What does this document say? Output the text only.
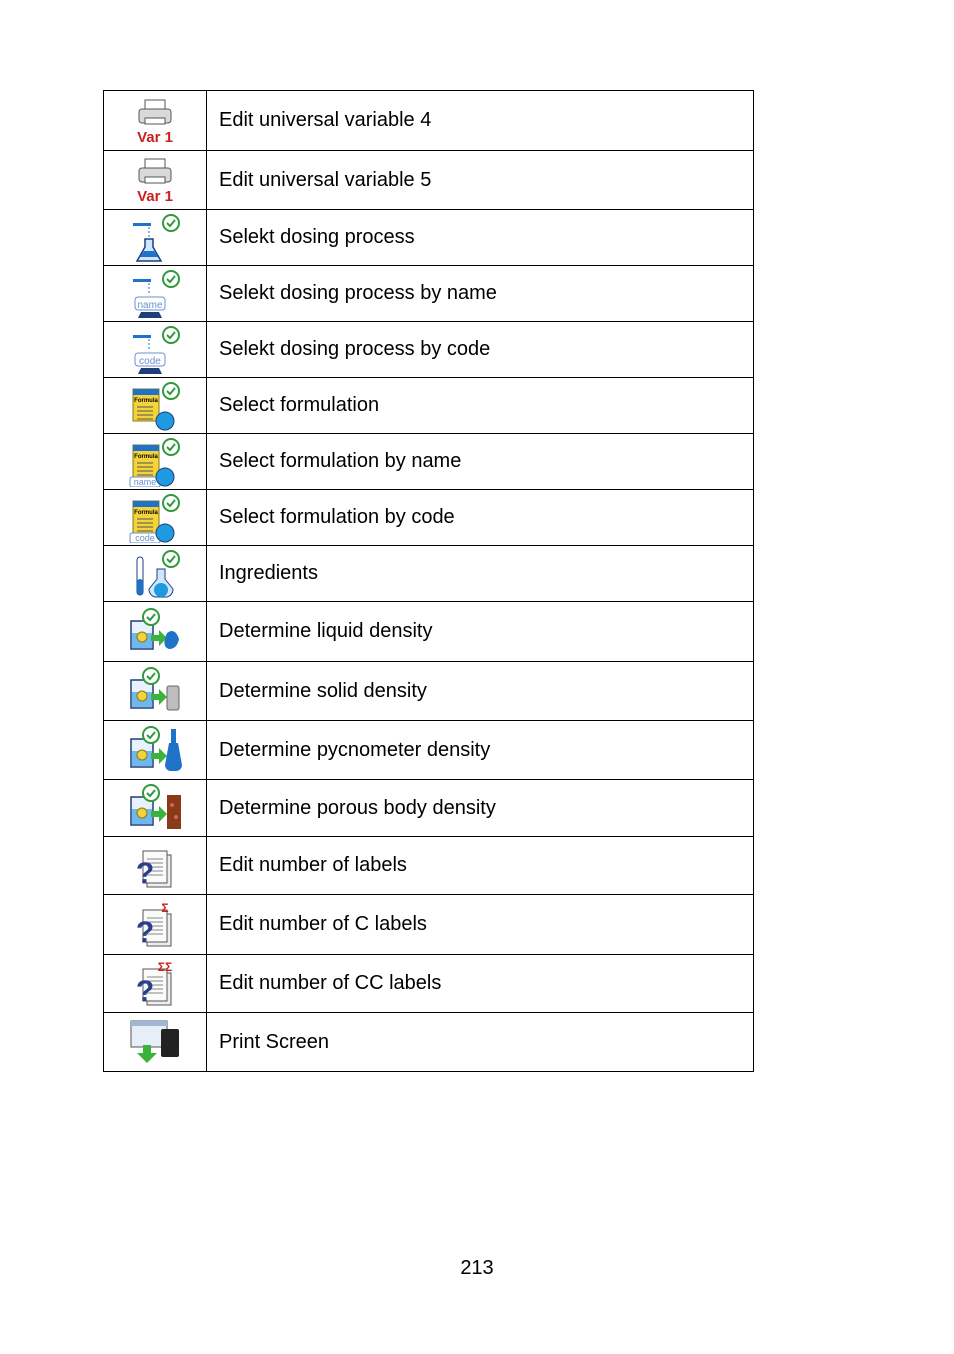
Var 1	Edit universal variable 4

Var 1	Edit universal variable 5

	Selekt dosing process

name	Selekt dosing process by name

code	Selekt dosing process by code

Formula	Select formulation

Formula
name	Select formulation by name

Formula
code	Select formulation by code

	Ingredients

	Determine liquid density

	Determine solid density

	Determine pycnometer density

	Determine porous body density

?	Edit number of labels

?
Σ	Edit number of C labels

?
ΣΣ	Edit number of CC labels

	Print Screen
213
